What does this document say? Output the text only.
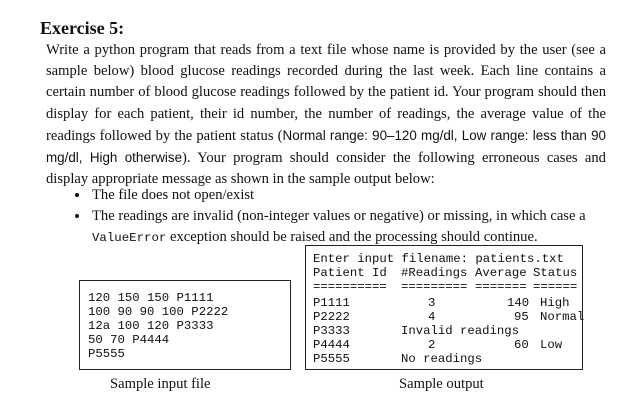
Exercise 5:
Write a python program that reads from a text file whose name is provided by the user (see a sample below) blood glucose readings recorded during the last week. Each line contains a certain number of blood glucose readings followed by the patient id. Your program should then display for each patient, their id number, the number of readings, the average value of the readings followed by the patient status (Normal range: 90–120 mg/dl, Low range: less than 90 mg/dl, High otherwise). Your program should consider the following erroneous cases and display appropriate message as shown in the sample output below:
• The file does not open/exist
• The readings are invalid (non-integer values or negative) or missing, in which case a ValueError exception should be raised and the processing should continue.
120 150 150 P1111
100 90 90 100 P2222
12a 100 120 P3333
50 70 P4444
P5555
Enter input filename: patients.txt
Patient Id #Readings Average Status
========== ========= ======= ======
P1111	3	140 High
P2222	4	95 Normal
P3333	Invalid readings
P4444	2	60 Low
P5555	No readings
Sample input file	Sample output
